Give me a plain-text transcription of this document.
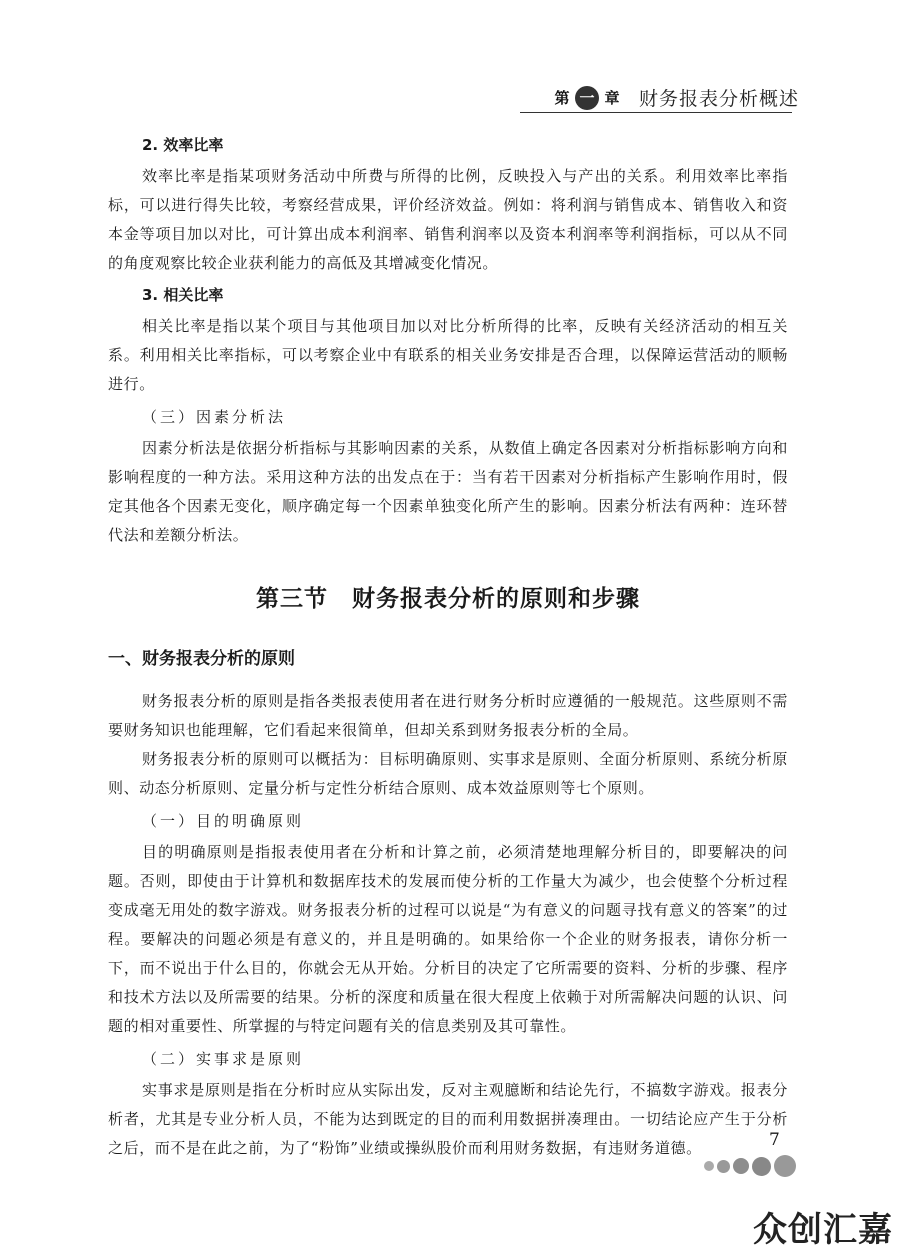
第 一 章 财务报表分析概述
2. 效率比率

效率比率是指某项财务活动中所费与所得的比例，反映投入与产出的关系。利用效率比率指标，可以进行得失比较，考察经营成果，评价经济效益。例如：将利润与销售成本、销售收入和资本金等项目加以对比，可计算出成本利润率、销售利润率以及资本利润率等利润指标，可以从不同的角度观察比较企业获利能力的高低及其增减变化情况。

3. 相关比率

相关比率是指以某个项目与其他项目加以对比分析所得的比率，反映有关经济活动的相互关系。利用相关比率指标，可以考察企业中有联系的相关业务安排是否合理，以保障运营活动的顺畅进行。

（三）因素分析法

因素分析法是依据分析指标与其影响因素的关系，从数值上确定各因素对分析指标影响方向和影响程度的一种方法。采用这种方法的出发点在于：当有若干因素对分析指标产生影响作用时，假定其他各个因素无变化，顺序确定每一个因素单独变化所产生的影响。因素分析法有两种：连环替代法和差额分析法。

第三节　财务报表分析的原则和步骤
一、财务报表分析的原则

财务报表分析的原则是指各类报表使用者在进行财务分析时应遵循的一般规范。这些原则不需要财务知识也能理解，它们看起来很简单，但却关系到财务报表分析的全局。

财务报表分析的原则可以概括为：目标明确原则、实事求是原则、全面分析原则、系统分析原则、动态分析原则、定量分析与定性分析结合原则、成本效益原则等七个原则。

（一）目的明确原则

目的明确原则是指报表使用者在分析和计算之前，必须清楚地理解分析目的，即要解决的问题。否则，即使由于计算机和数据库技术的发展而使分析的工作量大为减少，也会使整个分析过程变成毫无用处的数字游戏。财务报表分析的过程可以说是“为有意义的问题寻找有意义的答案”的过程。要解决的问题必须是有意义的，并且是明确的。如果给你一个企业的财务报表，请你分析一下，而不说出于什么目的，你就会无从开始。分析目的决定了它所需要的资料、分析的步骤、程序和技术方法以及所需要的结果。分析的深度和质量在很大程度上依赖于对所需解决问题的认识、问题的相对重要性、所掌握的与特定问题有关的信息类别及其可靠性。

（二）实事求是原则

实事求是原则是指在分析时应从实际出发，反对主观臆断和结论先行，不搞数字游戏。报表分析者，尤其是专业分析人员，不能为达到既定的目的而利用数据拼凑理由。一切结论应产生于分析之后，而不是在此之前，为了“粉饰”业绩或操纵股价而利用财务数据，有违财务道德。	7
众创汇嘉
